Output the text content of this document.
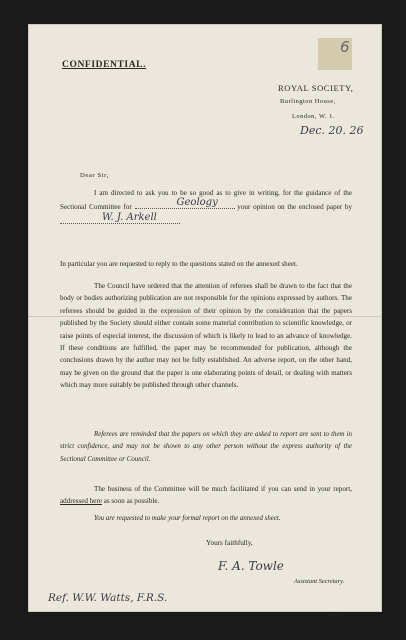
6

CONFIDENTIAL.

ROYAL SOCIETY,

Burlington House,

London, W. 1.

Dec. 20. 26

Dear Sir,

I am directed to ask you to be so good as to give in writing, for the guidance of the Sectional Committee for	Geology	your opinion on the enclosed paper by
W. J. Arkell

In particular you are requested to reply to the questions stated on the annexed sheet.

The Council have ordered that the attention of referees shall be drawn to the fact that the body or bodies authorizing publication are not responsible for the opinions expressed by authors. The referees should be guided in the expression of their opinion by the consideration that the papers published by the Society should either contain some material contribution to scientific knowledge, or raise points of especial interest, the discussion of which is likely to lead to an advance of knowledge. If these conditions are fulfilled, the paper may be recommended for publication, although the conclusions drawn by the author may not be fully established. An adverse report, on the other hand, may be given on the ground that the paper is one elaborating points of detail, or dealing with matters which may more suitably be published through other channels.

Referees are reminded that the papers on which they are asked to report are sent to them in strict confidence, and may not be shown to any other person without the express authority of the Sectional Committee or Council.

The business of the Committee will be much facilitated if you can send in your report, addressed here as soon as possible.

You are requested to make your formal report on the annexed sheet.

Yours faithfully,

F. A. Towle

Assistant Secretary.

Ref. W.W. Watts, F.R.S.

[P.T.O.
